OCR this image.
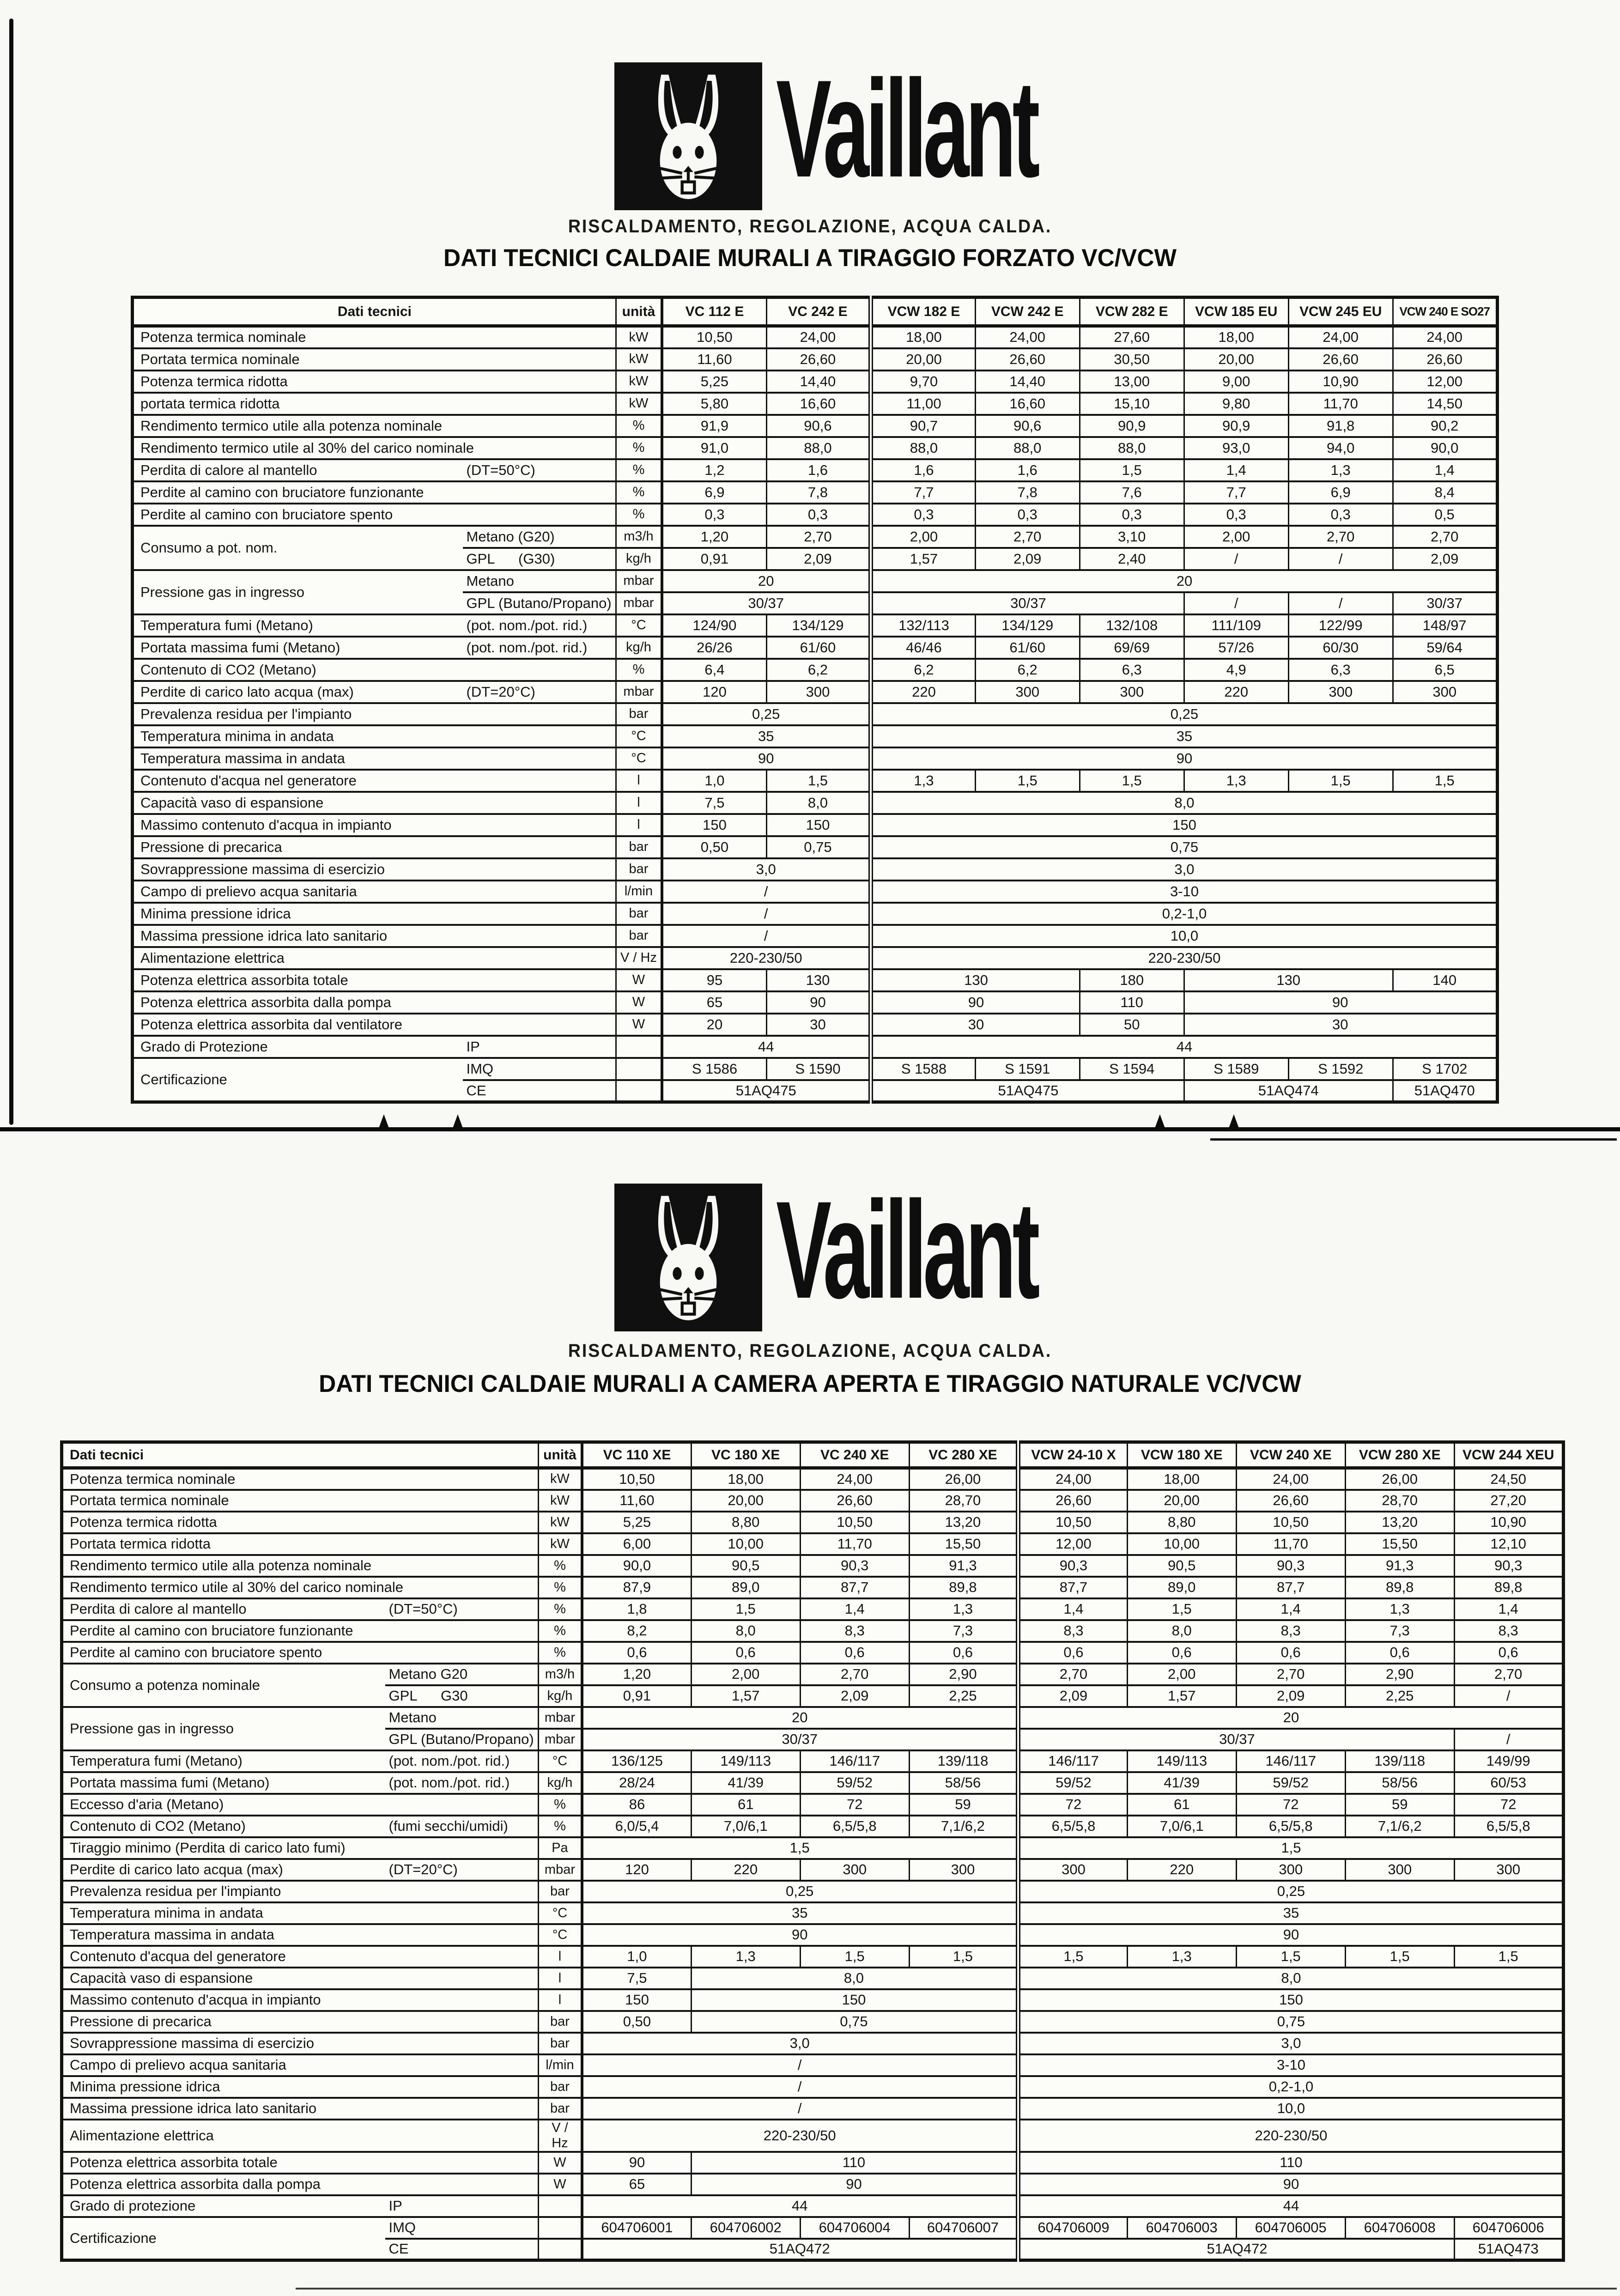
Vaillant
RISCALDAMENTO, REGOLAZIONE, ACQUA CALDA.
DATI TECNICI CALDAIE MURALI A TIRAGGIO FORZATO VC/VCW
Dati tecnici		unità	VC 112 E	VC 242 E	VCW 182 E	VCW 242 E	VCW 282 E	VCW 185 EU	VCW 245 EU	VCW 240 E SO27
Potenza termica nominale		kW	10,50	24,00	18,00	24,00	27,60	18,00	24,00	24,00
Portata termica nominale		kW	11,60	26,60	20,00	26,60	30,50	20,00	26,60	26,60
Potenza termica ridotta		kW	5,25	14,40	9,70	14,40	13,00	9,00	10,90	12,00
portata termica ridotta		kW	5,80	16,60	11,00	16,60	15,10	9,80	11,70	14,50
Rendimento termico utile alla potenza nominale		%	91,9	90,6	90,7	90,6	90,9	90,9	91,8	90,2
Rendimento termico utile al 30% del carico nominale		%	91,0	88,0	88,0	88,0	88,0	93,0	94,0	90,0
Perdita di calore al mantello	(DT=50°C)	%	1,2	1,6	1,6	1,6	1,5	1,4	1,3	1,4
Perdite al camino con bruciatore funzionante		%	6,9	7,8	7,7	7,8	7,6	7,7	6,9	8,4
Perdite al camino con bruciatore spento		%	0,3	0,3	0,3	0,3	0,3	0,3	0,3	0,5
Consumo a pot. nom.	Metano (G20)	m3/h	1,20	2,70	2,00	2,70	3,10	2,00	2,70	2,70
	GPL      (G30)	kg/h	0,91	2,09	1,57	2,09	2,40	/	/	2,09
Pressione gas in ingresso	Metano	mbar	20		20					
	GPL (Butano/Propano)	mbar	30/37		30/37			/	/	30/37
Temperatura fumi (Metano)	(pot. nom./pot. rid.)	°C	124/90	134/129	132/113	134/129	132/108	111/109	122/99	148/97
Portata massima fumi (Metano)	(pot. nom./pot. rid.)	kg/h	26/26	61/60	46/46	61/60	69/69	57/26	60/30	59/64
Contenuto di CO2 (Metano)		%	6,4	6,2	6,2	6,2	6,3	4,9	6,3	6,5
Perdite di carico lato acqua (max)	(DT=20°C)	mbar	120	300	220	300	300	220	300	300
Prevalenza residua per l'impianto		bar	0,25		0,25					
Temperatura minima in andata		°C	35		35					
Temperatura massima in andata		°C	90		90					
Contenuto d'acqua nel generatore		l	1,0	1,5	1,3	1,5	1,5	1,3	1,5	1,5
Capacità vaso di espansione		l	7,5	8,0	8,0					
Massimo contenuto d'acqua in impianto		l	150	150	150					
Pressione di precarica		bar	0,50	0,75	0,75					
Sovrappressione massima di esercizio		bar	3,0		3,0					
Campo di prelievo acqua sanitaria		l/min	/		3-10					
Minima pressione idrica		bar	/		0,2-1,0					
Massima pressione idrica lato sanitario		bar	/		10,0					
Alimentazione elettrica		V / Hz	220-230/50		220-230/50					
Potenza elettrica assorbita totale		W	95	130	130		180	130		140
Potenza elettrica assorbita dalla pompa		W	65	90	90		110	90		
Potenza elettrica assorbita dal ventilatore		W	20	30	30		50	30		
Grado di Protezione	IP		44		44					
Certificazione	IMQ		S 1586	S 1590	S 1588	S 1591	S 1594	S 1589	S 1592	S 1702
	CE		51AQ475		51AQ475			51AQ474		51AQ470
Vaillant
RISCALDAMENTO, REGOLAZIONE, ACQUA CALDA.
DATI TECNICI CALDAIE MURALI A CAMERA APERTA E TIRAGGIO NATURALE VC/VCW
Dati tecnici		unità	VC 110 XE	VC 180 XE	VC 240 XE	VC 280 XE	VCW 24-10 X	VCW 180 XE	VCW 240 XE	VCW 280 XE	VCW 244 XEU
Potenza termica nominale		kW	10,50	18,00	24,00	26,00	24,00	18,00	24,00	26,00	24,50
Portata termica nominale		kW	11,60	20,00	26,60	28,70	26,60	20,00	26,60	28,70	27,20
Potenza termica ridotta		kW	5,25	8,80	10,50	13,20	10,50	8,80	10,50	13,20	10,90
Portata termica ridotta		kW	6,00	10,00	11,70	15,50	12,00	10,00	11,70	15,50	12,10
Rendimento termico utile alla potenza nominale		%	90,0	90,5	90,3	91,3	90,3	90,5	90,3	91,3	90,3
Rendimento termico utile al 30% del carico nominale		%	87,9	89,0	87,7	89,8	87,7	89,0	87,7	89,8	89,8
Perdita di calore al mantello	(DT=50°C)	%	1,8	1,5	1,4	1,3	1,4	1,5	1,4	1,3	1,4
Perdite al camino con bruciatore funzionante		%	8,2	8,0	8,3	7,3	8,3	8,0	8,3	7,3	8,3
Perdite al camino con bruciatore spento		%	0,6	0,6	0,6	0,6	0,6	0,6	0,6	0,6	0,6
Consumo a potenza nominale	Metano G20	m3/h	1,20	2,00	2,70	2,90	2,70	2,00	2,70	2,90	2,70
	GPL      G30	kg/h	0,91	1,57	2,09	2,25	2,09	1,57	2,09	2,25	/
Pressione gas in ingresso	Metano	mbar	20				20				
	GPL (Butano/Propano)	mbar	30/37				30/37				/
Temperatura fumi (Metano)	(pot. nom./pot. rid.)	°C	136/125	149/113	146/117	139/118	146/117	149/113	146/117	139/118	149/99
Portata massima fumi (Metano)	(pot. nom./pot. rid.)	kg/h	28/24	41/39	59/52	58/56	59/52	41/39	59/52	58/56	60/53
Eccesso d'aria (Metano)		%	86	61	72	59	72	61	72	59	72
Contenuto di CO2 (Metano)	(fumi secchi/umidi)	%	6,0/5,4	7,0/6,1	6,5/5,8	7,1/6,2	6,5/5,8	7,0/6,1	6,5/5,8	7,1/6,2	6,5/5,8
Tiraggio minimo (Perdita di carico lato fumi)		Pa	1,5				1,5				
Perdite di carico lato acqua (max)	(DT=20°C)	mbar	120	220	300	300	300	220	300	300	300
Prevalenza residua per l'impianto		bar	0,25				0,25				
Temperatura minima in andata		°C	35				35				
Temperatura massima in andata		°C	90				90				
Contenuto d'acqua del generatore		l	1,0	1,3	1,5	1,5	1,5	1,3	1,5	1,5	1,5
Capacità vaso di espansione		l	7,5	8,0			8,0				
Massimo contenuto d'acqua in impianto		l	150	150			150				
Pressione di precarica		bar	0,50	0,75			0,75				
Sovrappressione massima di esercizio		bar	3,0				3,0				
Campo di prelievo acqua sanitaria		l/min	/				3-10				
Minima pressione idrica		bar	/				0,2-1,0				
Massima pressione idrica lato sanitario		bar	/				10,0				
Alimentazione elettrica		V / Hz	220-230/50				220-230/50				
Potenza elettrica assorbita totale		W	90	110			110				
Potenza elettrica assorbita dalla pompa		W	65	90			90				
Grado di protezione	IP		44				44				
Certificazione	IMQ		604706001	604706002	604706004	604706007	604706009	604706003	604706005	604706008	604706006
	CE		51AQ472				51AQ472				51AQ473
